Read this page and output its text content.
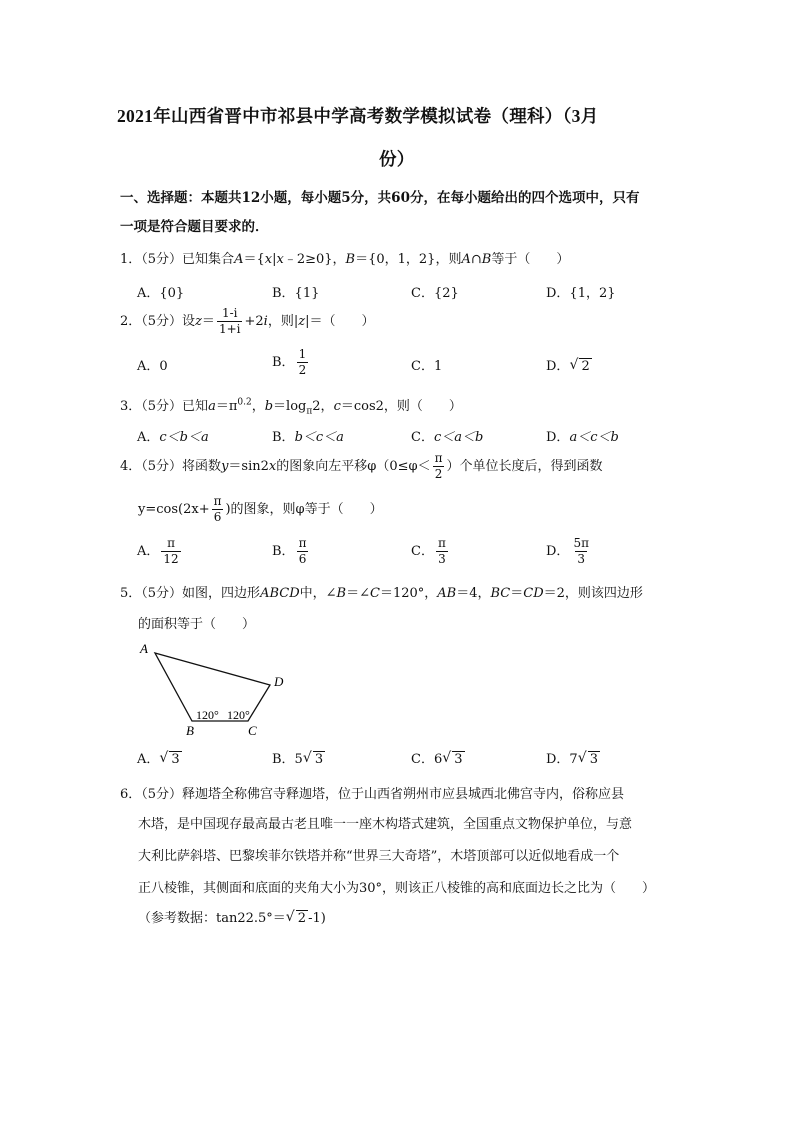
2021年山西省晋中市祁县中学高考数学模拟试卷（理科）（3月
份）
一、选择题：本题共12小题，每小题5分，共60分，在每小题给出的四个选项中，只有
一项是符合题目要求的．
1．（5分）已知集合A＝{x|x﹣2≥0}，B＝{0，1，2}，则A∩B等于（　　）
A．{0}	B．{1}	C．{2}	D．{1，2}
2．（5分）设$z= \frac{1-i}{1+i} +2i$，则|z|＝（　　）
A．0	B． $\frac{1}{2}$	C．1	D． √ 2
3．（5分）已知$a=\pi^{0.2}$，$b=\log_\pi 2$，c＝cos2，则（　　）
A．c＜b＜a	B．b＜c＜a	C．c＜a＜b	D．a＜c＜b
4．（5分）将函数y＝sin2x的图象向左平移$\varphi(0\le\varphi< \frac{\pi}{2}$ ）个单位长度后，得到函数
$y=\cos(2x+ \frac{\pi}{6}$ )的图象，则φ等于（　　）
A． $\frac{\pi}{12}$	B． $\frac{\pi}{6}$	C． $\frac{\pi}{3}$	D． $\frac{5\pi}{3}$
5．（5分）如图，四边形ABCD中，∠B＝∠C＝120°，AB＝4，BC＝CD＝2，则该四边形
的面积等于（　　）
A
D
B	C
120° 120°
A． √ 3	B．5 √ 3	C．6 √ 3	D．7 √ 3
6．（5分）释迦塔全称佛宫寺释迦塔，位于山西省朔州市应县城西北佛宫寺内，俗称应县
木塔，是中国现存最高最古老且唯一一座木构塔式建筑，全国重点文物保护单位，与意
大利比萨斜塔、巴黎埃菲尔铁塔并称“世界三大奇塔”，木塔顶部可以近似地看成一个
正八棱锥，其侧面和底面的夹角大小为30°，则该正八棱锥的高和底面边长之比为（　　）
（参考数据：tan22.5°＝ √ 2 -1)
